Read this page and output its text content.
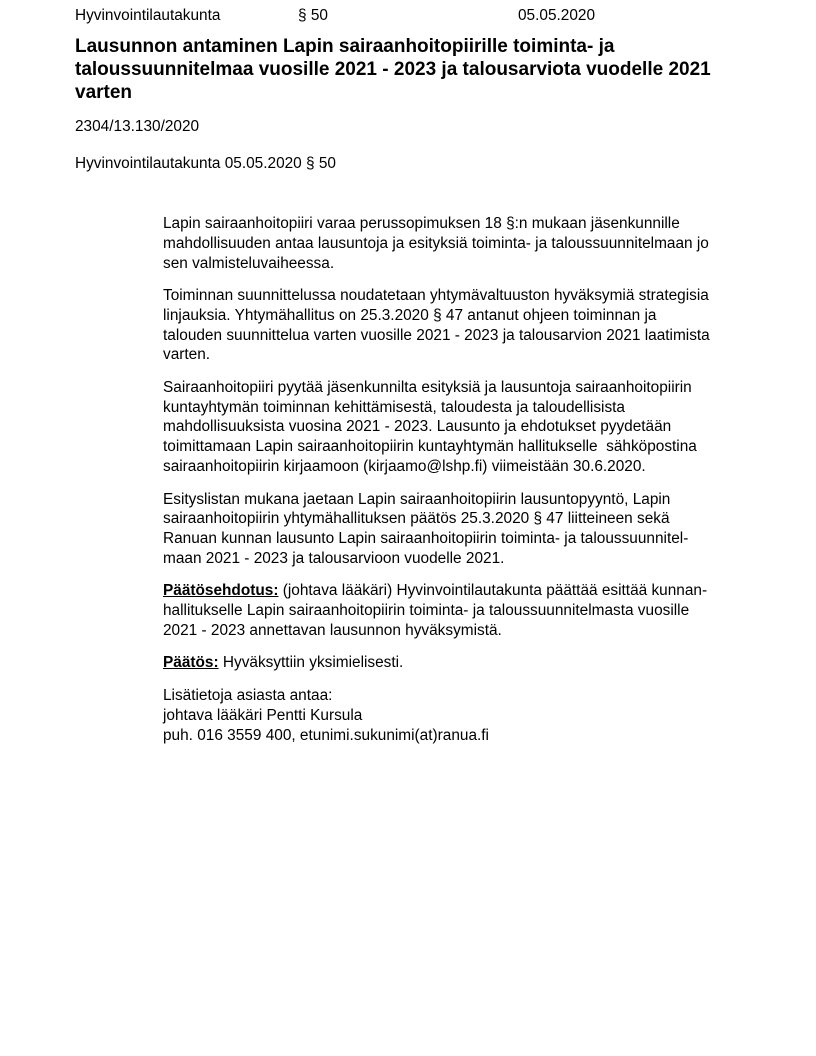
Hyvinvointilautakunta	§ 50	05.05.2020
Lausunnon antaminen Lapin sairaanhoitopiirille toiminta- ja
taloussuunnitelmaa vuosille 2021 - 2023 ja talousarviota vuodelle 2021
varten
2304/13.130/2020
Hyvinvointilautakunta 05.05.2020 § 50
Lapin sairaanhoitopiiri varaa perussopimuksen 18 §:n mukaan jäsenkunnille
mahdollisuuden antaa lausuntoja ja esityksiä toiminta- ja taloussuunnitelmaan jo
sen valmisteluvaiheessa.
Toiminnan suunnittelussa noudatetaan yhtymävaltuuston hyväksymiä strategisia
linjauksia. Yhtymähallitus on 25.3.2020 § 47 antanut ohjeen toiminnan ja
talouden suunnittelua varten vuosille 2021 - 2023 ja talousarvion 2021 laatimista
varten.
Sairaanhoitopiiri pyytää jäsenkunnilta esityksiä ja lausuntoja sairaanhoitopiirin
kuntayhtymän toiminnan kehittämisestä, taloudesta ja taloudellisista
mahdollisuuksista vuosina 2021 - 2023. Lausunto ja ehdotukset pyydetään
toimittamaan Lapin sairaanhoitopiirin kuntayhtymän hallitukselle  sähköpostina
sairaanhoitopiirin kirjaamoon (kirjaamo@lshp.fi) viimeistään 30.6.2020.
Esityslistan mukana jaetaan Lapin sairaanhoitopiirin lausuntopyyntö, Lapin
sairaanhoitopiirin yhtymähallituksen päätös 25.3.2020 § 47 liitteineen sekä
Ranuan kunnan lausunto Lapin sairaanhoitopiirin toiminta- ja taloussuunnitel-
maan 2021 - 2023 ja talousarvioon vuodelle 2021.
Päätösehdotus: (johtava lääkäri) Hyvinvointilautakunta päättää esittää kunnan-
hallitukselle Lapin sairaanhoitopiirin toiminta- ja taloussuunnitelmasta vuosille
2021 - 2023 annettavan lausunnon hyväksymistä.
Päätös: Hyväksyttiin yksimielisesti.
Lisätietoja asiasta antaa:
johtava lääkäri Pentti Kursula
puh. 016 3559 400, etunimi.sukunimi(at)ranua.fi
